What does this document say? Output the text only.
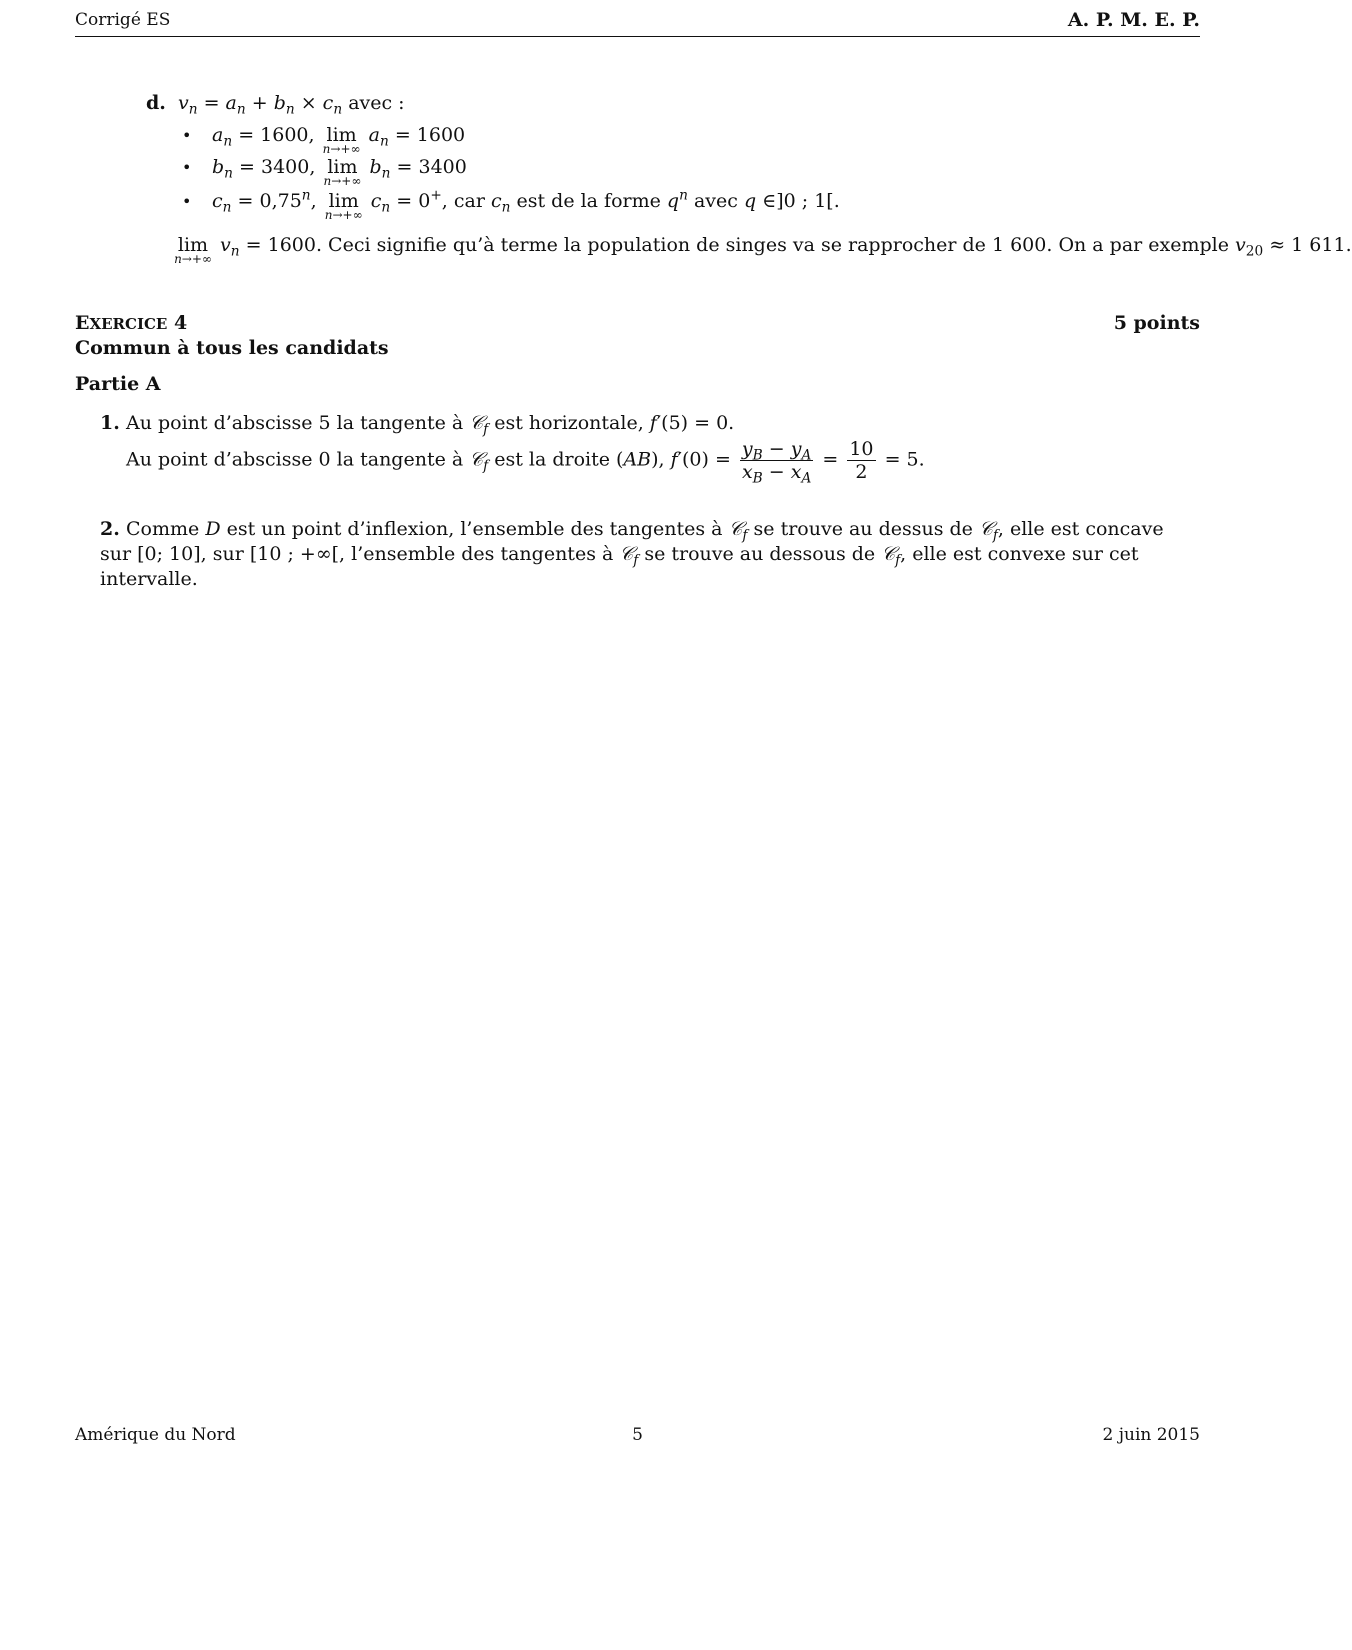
Corrigé ES	A. P. M. E. P.
d. $v_n = a_n + b_n \times c_n$ avec :
• $a_n = 1600$, lim
n→+∞
$a_n = 1600$
• $b_n = 3400$, lim
n→+∞
$b_n = 3400$
• $c_n = 0,75^n$, lim
n→+∞
$c_n = 0^+$, car $c_n$ est de la forme $q^n$ avec q ∈]0 ; 1[.
lim
n→+∞
$v_n = 1600$. Ceci signifie qu’à terme la population de singes va se rapprocher de 1 600. On a par exemple $v_{20} \approx 1$ 611.
EXERCICE 4	5 points
Commun à tous les candidats
Partie A
1. Au point d’abscisse 5 la tangente à 𝒞$_f$ est horizontale, f′(5) = 0.
Au point d’abscisse 0 la tangente à 𝒞$_f$ est la droite (AB), $f'(0) = \frac{y_B - y_A}{x_B - x_A} = \frac{10}{2} = 5$.
2. Comme D est un point d’inflexion, l’ensemble des tangentes à 𝒞$_f$ se trouve au dessus de 𝒞$_f$, elle est concave sur [0; 10], sur [10 ; +∞[, l’ensemble des tangentes à 𝒞$_f$ se trouve au dessous de 𝒞$_f$, elle est convexe sur cet intervalle.
Amérique du Nord	5	2 juin 2015
